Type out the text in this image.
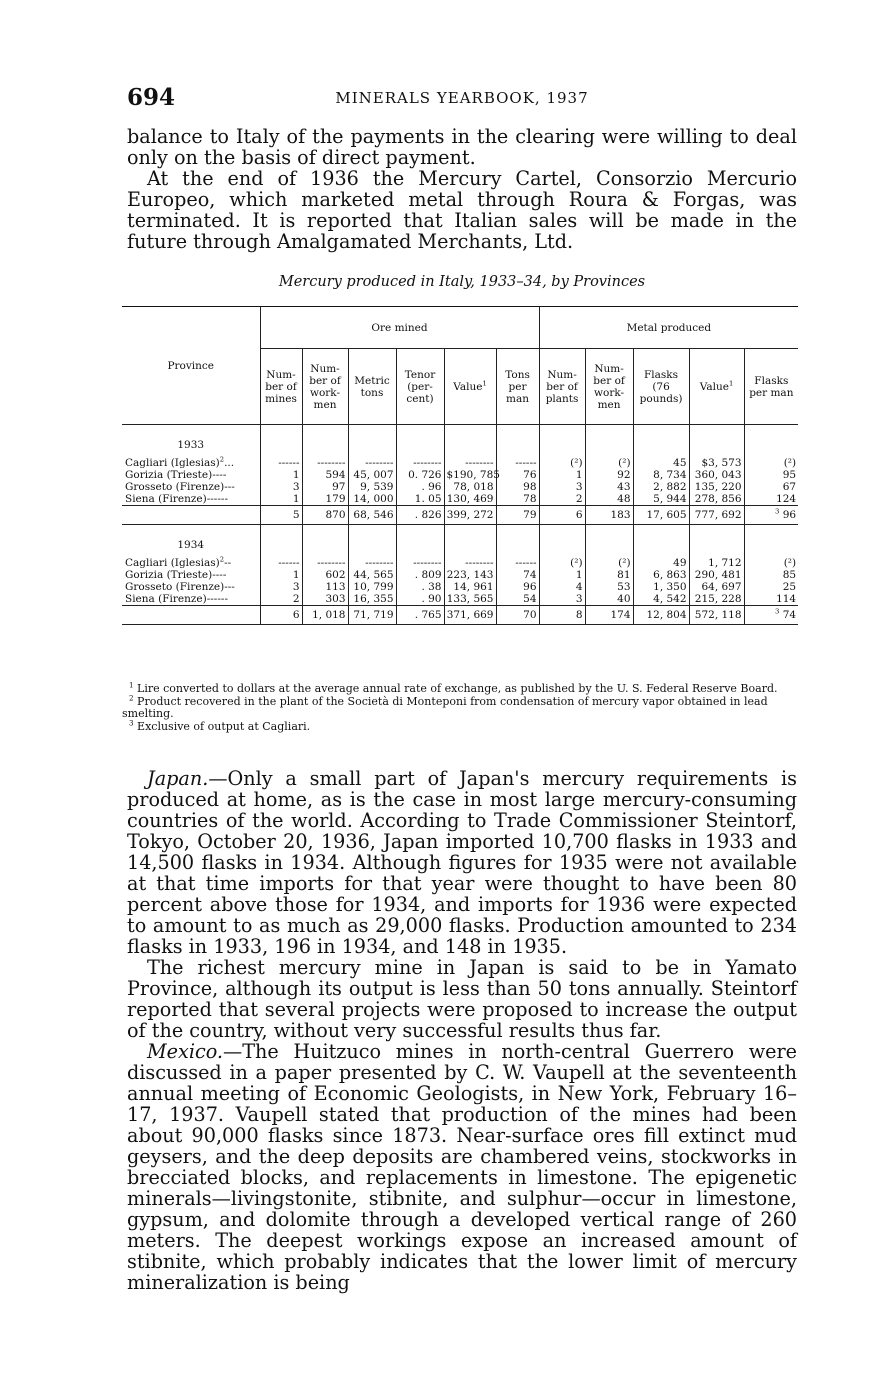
694	MINERALS YEARBOOK, 1937

balance to Italy of the payments in the clearing were willing to deal only on the basis of direct payment.

At the end of 1936 the Mercury Cartel, Consorzio Mercurio Europeo, which marketed metal through Roura & Forgas, was terminated. It is reported that Italian sales will be made in the future through Amalgamated Merchants, Ltd.

Mercury produced in Italy, 1933–34, by Provinces
Province	Ore mined						Metal produced				
	Num-ber of mines	Num-ber of work-men	Metric tons	Tenor (per-cent)	Value$^1$	Tons per man	Num-ber of plants	Num-ber of work-men	Flasks (76 pounds)	Value$^1$	Flasks per man
1933											
Cagliari (Iglesias)$^2$...	------	--------	--------	--------	--------	------	(²)	(²)	45	$3, 573	(²)
Gorizia (Trieste)----	1	594	45, 007	0. 726	$190, 785	76	1	92	8, 734	360, 043	95
Grosseto (Firenze)---	3	97	9, 539	. 96	78, 018	98	3	43	2, 882	135, 220	67
Siena (Firenze)------	1	179	14, 000	1. 05	130, 469	78	2	48	5, 944	278, 856	124
	5	870	68, 546	. 826	399, 272	79	6	183	17, 605	777, 692	$^3$ 96
1934											
Cagliari (Iglesias)$^2$--	------	--------	--------	--------	--------	------	(²)	(²)	49	1, 712	(²)
Gorizia (Trieste)----	1	602	44, 565	. 809	223, 143	74	1	81	6, 863	290, 481	85
Grosseto (Firenze)---	3	113	10, 799	. 38	14, 961	96	4	53	1, 350	64, 697	25
Siena (Firenze)------	2	303	16, 355	. 90	133, 565	54	3	40	4, 542	215, 228	114
	6	1, 018	71, 719	. 765	371, 669	70	8	174	12, 804	572, 118	$^3$ 74

$^1$ Lire converted to dollars at the average annual rate of exchange, as published by the U. S. Federal Reserve Board.

$^2$ Product recovered in the plant of the Società di Monteponi from condensation of mercury vapor obtained in lead smelting.

$^3$ Exclusive of output at Cagliari.

Japan.—Only a small part of Japan's mercury requirements is produced at home, as is the case in most large mercury-consuming countries of the world. According to Trade Commissioner Steintorf, Tokyo, October 20, 1936, Japan imported 10,700 flasks in 1933 and 14,500 flasks in 1934. Although figures for 1935 were not available at that time imports for that year were thought to have been 80 percent above those for 1934, and imports for 1936 were expected to amount to as much as 29,000 flasks. Production amounted to 234 flasks in 1933, 196 in 1934, and 148 in 1935.

The richest mercury mine in Japan is said to be in Yamato Province, although its output is less than 50 tons annually. Steintorf reported that several projects were proposed to increase the output of the country, without very successful results thus far.

Mexico.—The Huitzuco mines in north-central Guerrero were discussed in a paper presented by C. W. Vaupell at the seventeenth annual meeting of Economic Geologists, in New York, February 16–17, 1937. Vaupell stated that production of the mines had been about 90,000 flasks since 1873. Near-surface ores fill extinct mud geysers, and the deep deposits are chambered veins, stockworks in brecciated blocks, and replacements in limestone. The epigenetic minerals—livingstonite, stibnite, and sulphur—occur in limestone, gypsum, and dolomite through a developed vertical range of 260 meters. The deepest workings expose an increased amount of stibnite, which probably indicates that the lower limit of mercury mineralization is being
